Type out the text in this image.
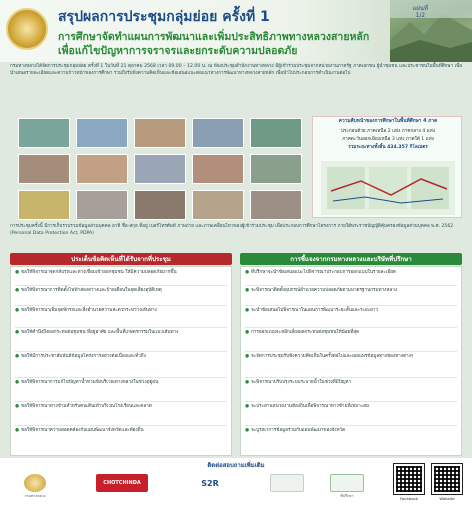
สรุปผลการประชุมกลุ่มย่อย ครั้งที่ 1
การศึกษาจัดทำแผนการพัฒนาและเพิ่มประสิทธิภาพทางหลวงสายหลัก
เพื่อแก้ไขปัญหาการจราจรและยกระดับความปลอดภัย
แผ่นที่
1/2
กรมทางหลวงได้จัดการประชุมกลุ่มย่อย ครั้งที่ 1 ในวันที่ 21 ตุลาคม 2568 เวลา 09.00 – 12.00 น. ณ ห้องประชุมสำนักงานทางหลวง มีผู้เข้าร่วมประชุมจากหน่วยงานภาครัฐ ภาคเอกชน ผู้นำชุมชน และประชาชนในพื้นที่ศึกษา เพื่อนำเสนอรายละเอียดและความก้าวหน้าของการศึกษา รวมถึงรับฟังความคิดเห็นและข้อเสนอแนะต่อแนวทางการพัฒนาทางหลวงสายหลัก เพื่อนำไปประกอบการดำเนินงานต่อไป
ความคืบหน้าของการศึกษาในพื้นที่ศึกษา 4 ภาค
ประกอบด้วย ภาคเหนือ 2 แห่ง ภาคกลาง 4 แห่ง
ภาคตะวันออกเฉียงเหนือ 3 แห่ง ภาคใต้ 1 แห่ง
รวมระยะทางทั้งสิ้น 434.357 กิโลเมตร
การประชุมครั้งนี้ มีการเก็บรวบรวมข้อมูลส่วนบุคคล อาทิ ชื่อ-สกุล ที่อยู่ เบอร์โทรศัพท์ ภาพถ่าย และภาพเคลื่อนไหวของผู้เข้าร่วมประชุม เพื่อประกอบการศึกษาโครงการ ภายใต้พระราชบัญญัติคุ้มครองข้อมูลส่วนบุคคล พ.ศ. 2562 (Personal Data Protection Act, PDPA)
ประเด็นข้อคิดเห็นที่ได้รับจากที่ประชุม	การชี้แจงจากกรมทางหลวงและบริษัทที่ปรึกษา
● ขอให้พิจารณาจุดกลับรถและทางเชื่อมเข้าออกชุมชน ให้มีความปลอดภัยมากขึ้น
● ขอให้พิจารณาการติดตั้งไฟฟ้าส่องสว่างและป้ายเตือนในจุดเสี่ยงอุบัติเหตุ
● ขอให้พิจารณาเพิ่มจุดพักรถและสิ่งอำนวยความสะดวกระหว่างเส้นทาง
● ขอให้คำนึงถึงผลกระทบต่อชุมชน ที่อยู่อาศัย และพื้นที่เกษตรกรรมในแนวเส้นทาง
● ขอให้มีการประชาสัมพันธ์ข้อมูลโครงการอย่างต่อเนื่องและทั่วถึง
● ขอให้พิจารณาการแก้ไขปัญหาน้ำท่วมขังบริเวณทางหลวงในช่วงฤดูฝน
● ขอให้พิจารณาทางข้ามสำหรับคนเดินเท้าบริเวณโรงเรียนและตลาด
● ขอให้พิจารณาความสอดคล้องกับแผนพัฒนาจังหวัดและท้องถิ่น
● ที่ปรึกษาจะนำข้อเสนอแนะไปพิจารณาประกอบการออกแบบในรายละเอียด
● จะพิจารณาติดตั้งอุปกรณ์อำนวยความปลอดภัยตามมาตรฐานกรมทางหลวง
● จะนำข้อเสนอไปพิจารณาในแผนการพัฒนาระยะสั้นและระยะยาว
● การออกแบบจะหลีกเลี่ยงผลกระทบต่อชุมชนให้น้อยที่สุด
● จะจัดการประชุมรับฟังความคิดเห็นในครั้งต่อไปและเผยแพร่ข้อมูลทางช่องทางต่างๆ
● จะพิจารณาปรับปรุงระบบระบายน้ำในช่วงที่มีปัญหา
● จะประสานหน่วยงานท้องถิ่นเพื่อพิจารณาทางข้ามที่เหมาะสม
● จะบูรณาการข้อมูลร่วมกับแผนพัฒนาของจังหวัด
ติดต่อสอบถามเพิ่มเติม
กรมทางหลวง
CHOTCHINDA	S2R
ที่ปรึกษา	Facebook	Website
